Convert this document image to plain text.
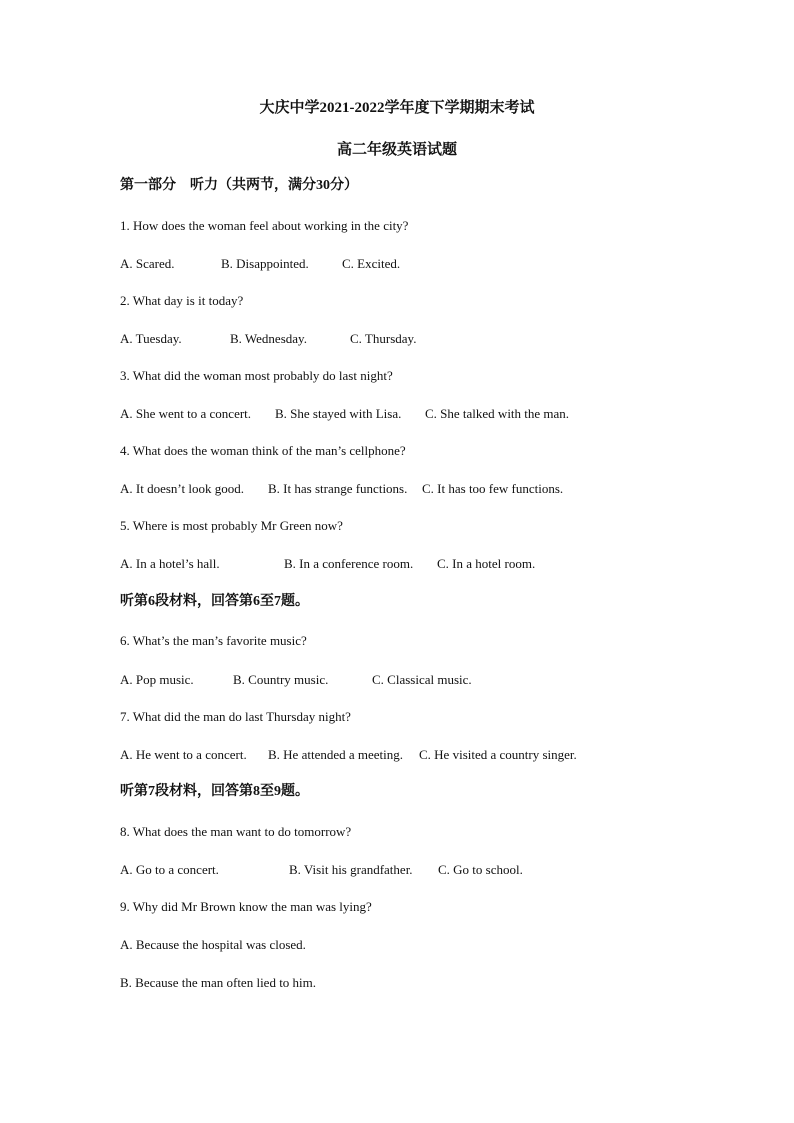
大庆中学2021-2022学年度下学期期末考试
高二年级英语试题
第一部分　听力（共两节，满分30分）
1. How does the woman feel about working in the city?
A. Scared.	B. Disappointed.	C. Excited.
2. What day is it today?
A. Tuesday.	B. Wednesday.	C. Thursday.
3. What did the woman most probably do last night?
A. She went to a concert. B. She stayed with Lisa. C. She talked with the man.
4. What does the woman think of the man’s cellphone?
A. It doesn’t look good. B. It has strange functions. C. It has too few functions.
5. Where is most probably Mr Green now?
A. In a hotel’s hall.	B. In a conference room. C. In a hotel room.
听第6段材料，回答第6至7题。
6. What’s the man’s favorite music?
A. Pop music.	B. Country music.	C. Classical music.
7. What did the man do last Thursday night?
A. He went to a concert. B. He attended a meeting. C. He visited a country singer.
听第7段材料，回答第8至9题。
8. What does the man want to do tomorrow?
A. Go to a concert.	B. Visit his grandfather. C. Go to school.
9. Why did Mr Brown know the man was lying?
A. Because the hospital was closed.
B. Because the man often lied to him.
